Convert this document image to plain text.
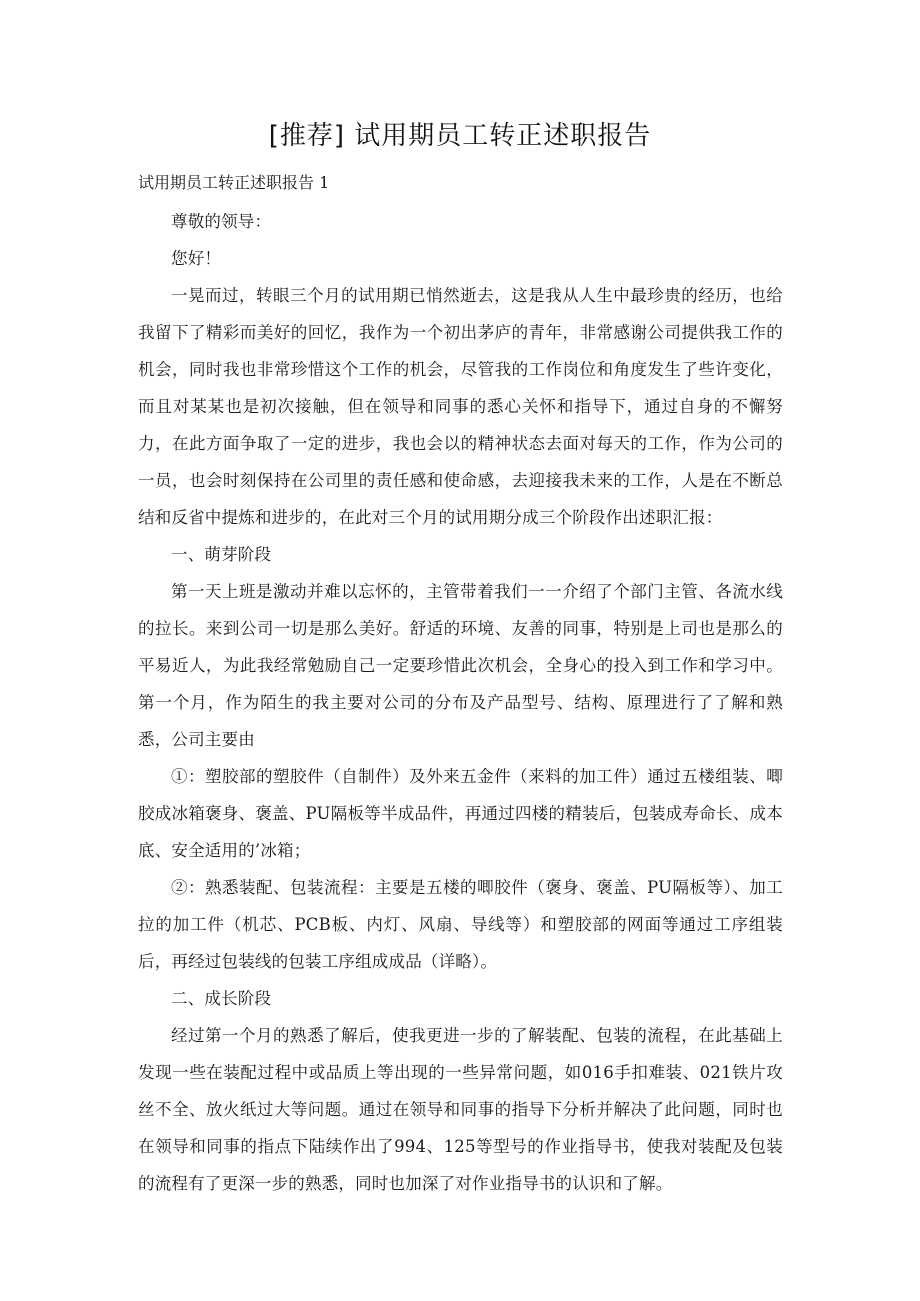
[推荐] 试用期员工转正述职报告

试用期员工转正述职报告 1

尊敬的领导：

您好！

一晃而过，转眼三个月的试用期已悄然逝去，这是我从人生中最珍贵的经历，也给我留下了精彩而美好的回忆，我作为一个初出茅庐的青年，非常感谢公司提供我工作的机会，同时我也非常珍惜这个工作的机会，尽管我的工作岗位和角度发生了些许变化，而且对某某也是初次接触，但在领导和同事的悉心关怀和指导下，通过自身的不懈努力，在此方面争取了一定的进步，我也会以的精神状态去面对每天的工作，作为公司的一员，也会时刻保持在公司里的责任感和使命感，去迎接我未来的工作，人是在不断总结和反省中提炼和进步的，在此对三个月的试用期分成三个阶段作出述职汇报：

一、萌芽阶段

第一天上班是激动并难以忘怀的，主管带着我们一一介绍了个部门主管、各流水线的拉长。来到公司一切是那么美好。舒适的环境、友善的同事，特别是上司也是那么的平易近人，为此我经常勉励自己一定要珍惜此次机会，全身心的投入到工作和学习中。第一个月，作为陌生的我主要对公司的分布及产品型号、结构、原理进行了了解和熟悉，公司主要由

①：塑胶部的塑胶件（自制件）及外来五金件（来料的加工件）通过五楼组装、唧胶成冰箱褒身、褒盖、PU隔板等半成品件，再通过四楼的精装后，包装成寿命长、成本底、安全适用的’冰箱；

②：熟悉装配、包装流程：主要是五楼的唧胶件（褒身、褒盖、PU隔板等）、加工拉的加工件（机芯、PCB板、内灯、风扇、导线等）和塑胶部的网面等通过工序组装后，再经过包装线的包装工序组成成品（详略）。

二、成长阶段

经过第一个月的熟悉了解后，使我更进一步的了解装配、包装的流程，在此基础上发现一些在装配过程中或品质上等出现的一些异常问题，如016手扣难装、021铁片攻丝不全、放火纸过大等问题。通过在领导和同事的指导下分析并解决了此问题，同时也在领导和同事的指点下陆续作出了994、125等型号的作业指导书，使我对装配及包装的流程有了更深一步的熟悉，同时也加深了对作业指导书的认识和了解。
